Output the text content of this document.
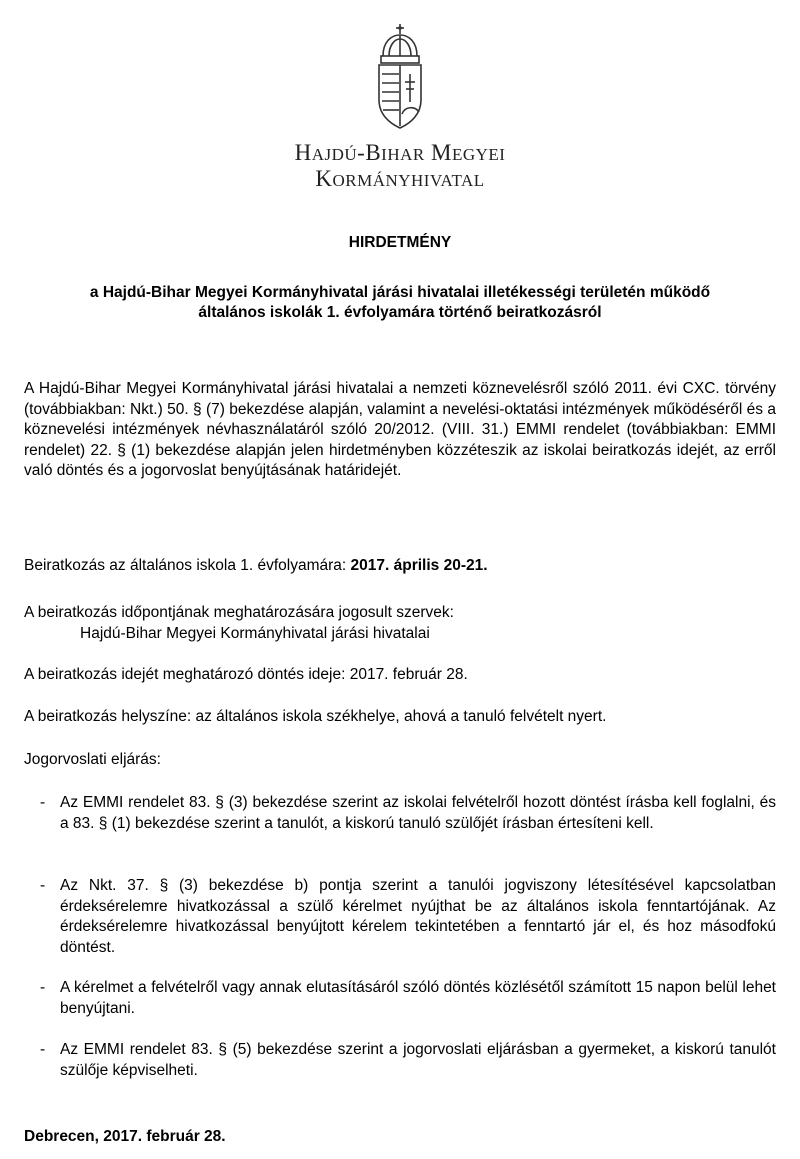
HAJDÚ-BIHAR MEGYEI
KORMÁNYHIVATAL
HIRDETMÉNY
a Hajdú-Bihar Megyei Kormányhivatal járási hivatalai illetékességi területén működő
általános iskolák 1. évfolyamára történő beiratkozásról
A Hajdú-Bihar Megyei Kormányhivatal járási hivatalai a nemzeti köznevelésről szóló 2011. évi CXC. törvény (továbbiakban: Nkt.) 50. § (7) bekezdése alapján, valamint a nevelési-oktatási intézmények működéséről és a köznevelési intézmények névhasználatáról szóló 20/2012. (VIII. 31.) EMMI rendelet (továbbiakban: EMMI rendelet) 22. § (1) bekezdése alapján jelen hirdetményben közzéteszik az iskolai beiratkozás idejét, az erről való döntés és a jogorvoslat benyújtásának határidejét.
Beiratkozás az általános iskola 1. évfolyamára: 2017. április 20-21.
A beiratkozás időpontjának meghatározására jogosult szervek:
Hajdú-Bihar Megyei Kormányhivatal járási hivatalai
A beiratkozás idejét meghatározó döntés ideje: 2017. február 28.
A beiratkozás helyszíne: az általános iskola székhelye, ahová a tanuló felvételt nyert.
Jogorvoslati eljárás:
- Az EMMI rendelet 83. § (3) bekezdése szerint az iskolai felvételről hozott döntést írásba kell foglalni, és a 83. § (1) bekezdése szerint a tanulót, a kiskorú tanuló szülőjét írásban értesíteni kell.
- Az Nkt. 37. § (3) bekezdése b) pontja szerint a tanulói jogviszony létesítésével kapcsolatban érdeksérelemre hivatkozással a szülő kérelmet nyújthat be az általános iskola fenntartójának. Az érdeksérelemre hivatkozással benyújtott kérelem tekintetében a fenntartó jár el, és hoz másodfokú döntést.
- A kérelmet a felvételről vagy annak elutasításáról szóló döntés közlésétől számított 15 napon belül lehet benyújtani.
- Az EMMI rendelet 83. § (5) bekezdése szerint a jogorvoslati eljárásban a gyermeket, a kiskorú tanulót szülője képviselheti.
Debrecen, 2017. február 28.
